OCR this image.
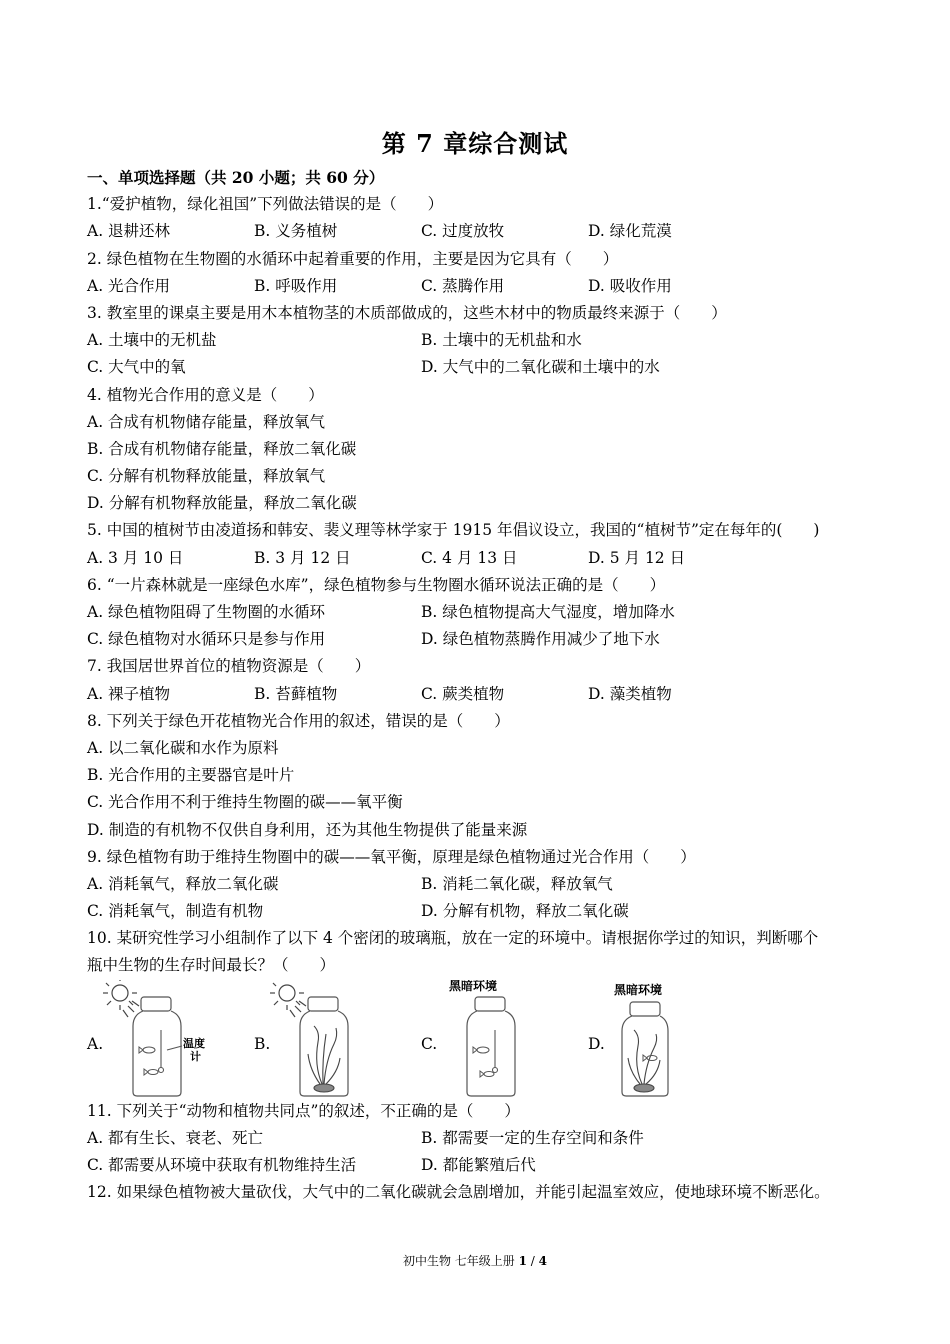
第 7 章综合测试
一、单项选择题（共 20 小题；共 60 分）
1.“爱护植物，绿化祖国”下列做法错误的是（　　）
A. 退耕还林	B. 义务植树	C. 过度放牧	D. 绿化荒漠
2. 绿色植物在生物圈的水循环中起着重要的作用，主要是因为它具有（　　）
A. 光合作用	B. 呼吸作用	C. 蒸腾作用	D. 吸收作用
3. 教室里的课桌主要是用木本植物茎的木质部做成的，这些木材中的物质最终来源于（　　）
A. 土壤中的无机盐	B. 土壤中的无机盐和水
C. 大气中的氧	D. 大气中的二氧化碳和土壤中的水
4. 植物光合作用的意义是（　　）
A. 合成有机物储存能量，释放氧气
B. 合成有机物储存能量，释放二氧化碳
C. 分解有机物释放能量，释放氧气
D. 分解有机物释放能量，释放二氧化碳
5. 中国的植树节由凌道扬和韩安、裴义理等林学家于 1915 年倡议设立，我国的“植树节”定在每年的(　　)
A. 3 月 10 日	B. 3 月 12 日	C. 4 月 13 日	D. 5 月 12 日
6. “一片森林就是一座绿色水库”，绿色植物参与生物圈水循环说法正确的是（　　）
A. 绿色植物阻碍了生物圈的水循环	B. 绿色植物提高大气湿度，增加降水
C. 绿色植物对水循环只是参与作用	D. 绿色植物蒸腾作用减少了地下水
7. 我国居世界首位的植物资源是（　　）
A. 裸子植物	B. 苔藓植物	C. 蕨类植物	D. 藻类植物
8. 下列关于绿色开花植物光合作用的叙述，错误的是（　　）
A. 以二氧化碳和水作为原料
B. 光合作用的主要器官是叶片
C. 光合作用不利于维持生物圈的碳——氧平衡
D. 制造的有机物不仅供自身利用，还为其他生物提供了能量来源
9. 绿色植物有助于维持生物圈中的碳——氧平衡，原理是绿色植物通过光合作用（　　）
A. 消耗氧气，释放二氧化碳	B. 消耗二氧化碳，释放氧气
C. 消耗氧气，制造有机物	D. 分解有机物，释放二氧化碳
10. 某研究性学习小组制作了以下 4 个密闭的玻璃瓶，放在一定的环境中。请根据你学过的知识，判断哪个
瓶中生物的生存时间最长？（　　）
A.	温度
计
B.	C.
黑暗环境
D.
黑暗环境
11. 下列关于“动物和植物共同点”的叙述，不正确的是（　　）
A. 都有生长、衰老、死亡	B. 都需要一定的生存空间和条件
C. 都需要从环境中获取有机物维持生活	D. 都能繁殖后代
12. 如果绿色植物被大量砍伐，大气中的二氧化碳就会急剧增加，并能引起温室效应，使地球环境不断恶化。
初中生物 七年级上册 1 / 4
